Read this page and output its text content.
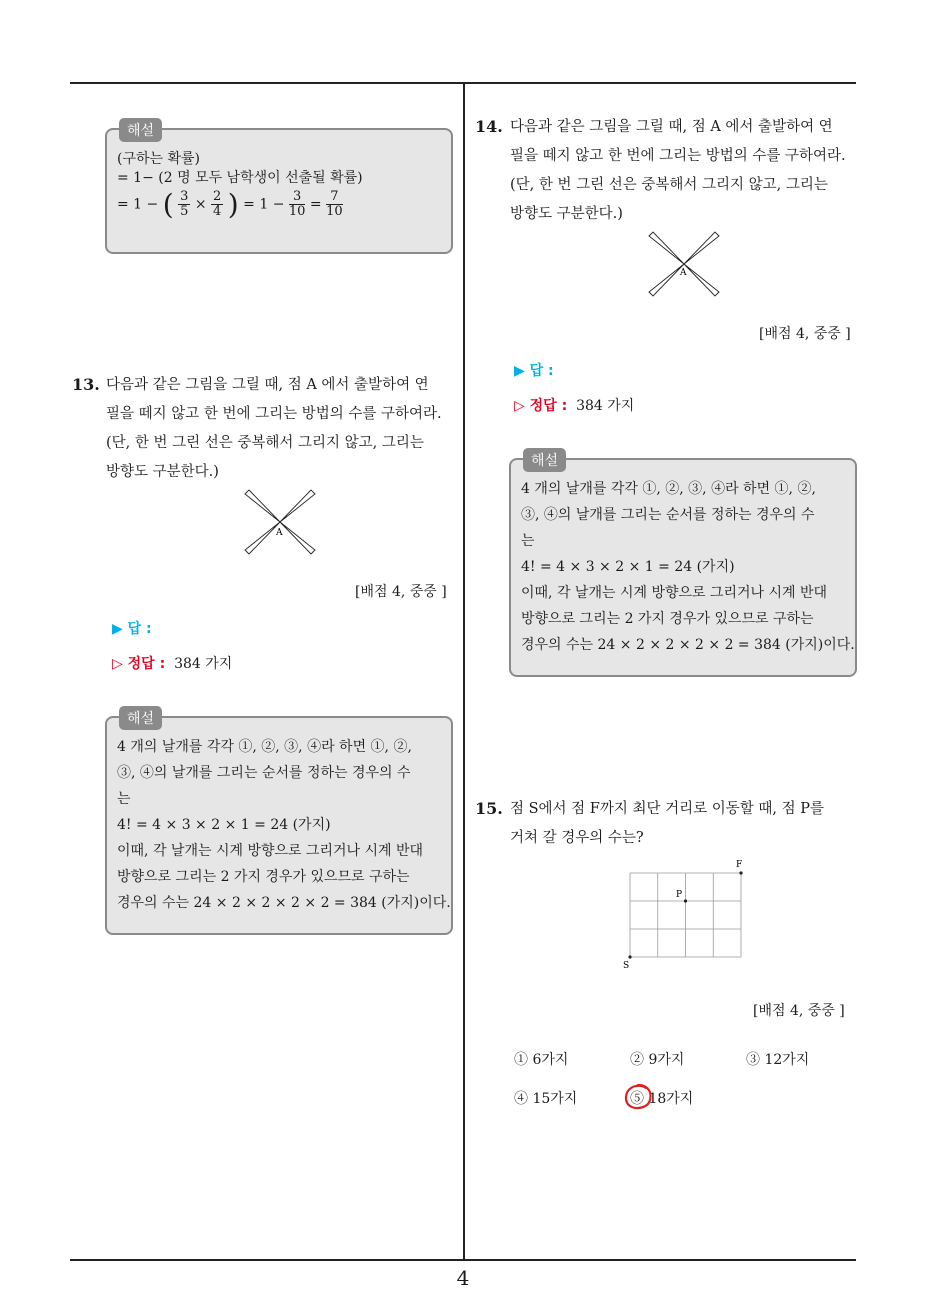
4
해설
(구하는 확률)
= 1− (2 명 모두 남학생이 선출될 확률)
= 1 − ( $\frac{3}{5} \times \frac{2}{4}$ ) = $1 - \frac{3}{10} = \frac{7}{10}$
13. 다음과 같은 그림을 그릴 때, 점 A 에서 출발하여 연
필을 떼지 않고 한 번에 그리는 방법의 수를 구하여라.
(단, 한 번 그린 선은 중복해서 그리지 않고, 그리는
방향도 구분한다.)
A
[배점 4, 중중 ]
▶ 답 :
▷ 정답 : 384 가지
해설
4 개의 날개를 각각 ①, ②, ③, ④라 하면 ①, ②,
③, ④의 날개를 그리는 순서를 정하는 경우의 수
는
4! = 4 × 3 × 2 × 1 = 24 (가지)
이때, 각 날개는 시계 방향으로 그리거나 시계 반대
방향으로 그리는 2 가지 경우가 있으므로 구하는
경우의 수는 24 × 2 × 2 × 2 × 2 = 384 (가지)이다.
14. 다음과 같은 그림을 그릴 때, 점 A 에서 출발하여 연
필을 떼지 않고 한 번에 그리는 방법의 수를 구하여라.
(단, 한 번 그린 선은 중복해서 그리지 않고, 그리는
방향도 구분한다.)
A
[배점 4, 중중 ]
▶ 답 :
▷ 정답 : 384 가지
해설
4 개의 날개를 각각 ①, ②, ③, ④라 하면 ①, ②,
③, ④의 날개를 그리는 순서를 정하는 경우의 수
는
4! = 4 × 3 × 2 × 1 = 24 (가지)
이때, 각 날개는 시계 방향으로 그리거나 시계 반대
방향으로 그리는 2 가지 경우가 있으므로 구하는
경우의 수는 24 × 2 × 2 × 2 × 2 = 384 (가지)이다.
15. 점 S에서 점 F까지 최단 거리로 이동할 때, 점 P를
거쳐 갈 경우의 수는?
S
F
P
[배점 4, 중중 ]
① 6가지	② 9가지	③ 12가지
④ 15가지	⑤ 18가지
